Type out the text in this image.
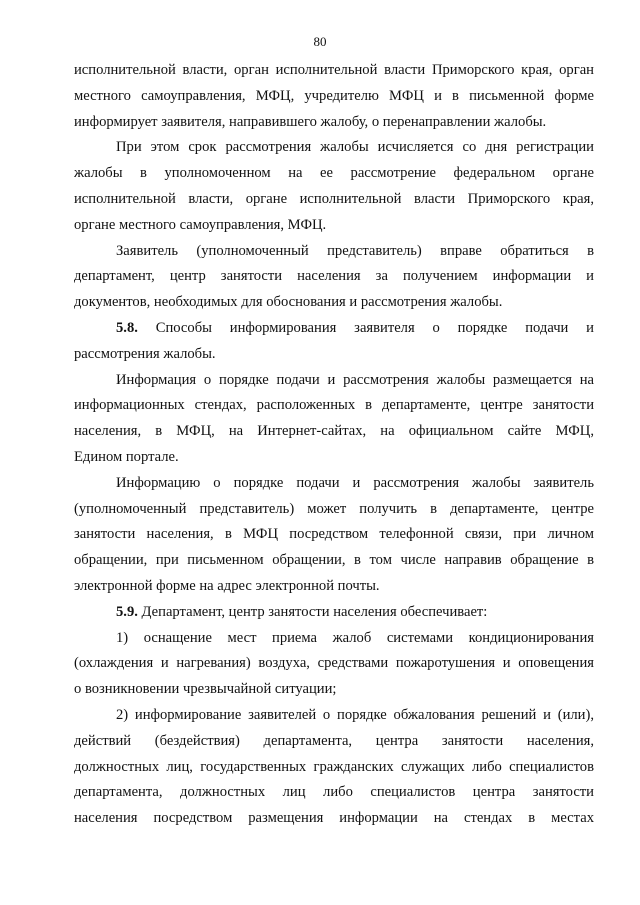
80
исполнительной власти, орган исполнительной власти Приморского края, орган
местного самоуправления, МФЦ, учредителю МФЦ и в письменной форме
информирует заявителя, направившего жалобу, о перенаправлении жалобы.
При этом срок рассмотрения жалобы исчисляется со дня регистрации
жалобы в уполномоченном на ее рассмотрение федеральном органе
исполнительной власти, органе исполнительной власти Приморского края,
органе местного самоуправления, МФЦ.
Заявитель (уполномоченный представитель) вправе обратиться в
департамент, центр занятости населения за получением информации и
документов, необходимых для обоснования и рассмотрения жалобы.
5.8. Способы информирования заявителя о порядке подачи и
рассмотрения жалобы.
Информация о порядке подачи и рассмотрения жалобы размещается на
информационных стендах, расположенных в департаменте, центре занятости
населения, в МФЦ, на Интернет-сайтах, на официальном сайте МФЦ,
Едином портале.
Информацию о порядке подачи и рассмотрения жалобы заявитель
(уполномоченный представитель) может получить в департаменте, центре
занятости населения, в МФЦ посредством телефонной связи, при личном
обращении, при письменном обращении, в том числе направив обращение в
электронной форме на адрес электронной почты.
5.9. Департамент, центр занятости населения обеспечивает:
1) оснащение мест приема жалоб системами кондиционирования
(охлаждения и нагревания) воздуха, средствами пожаротушения и оповещения
о возникновении чрезвычайной ситуации;
2) информирование заявителей о порядке обжалования решений и (или),
действий (бездействия) департамента, центра занятости населения,
должностных лиц, государственных гражданских служащих либо специалистов
департамента, должностных лиц либо специалистов центра занятости
населения посредством размещения информации на стендах в местах
